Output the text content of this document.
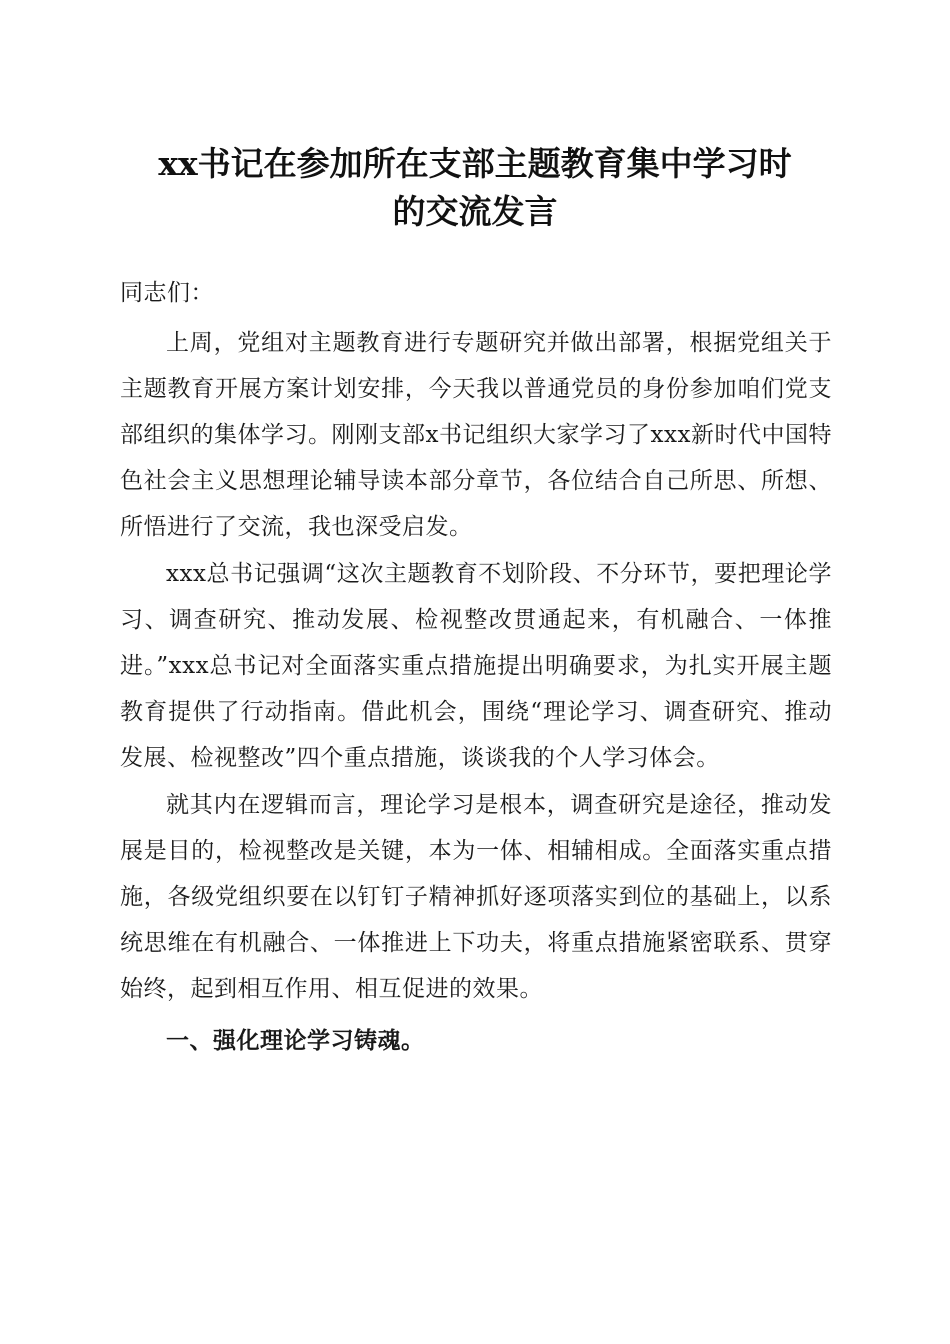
xx书记在参加所在支部主题教育集中学习时
的交流发言

同志们：

上周，党组对主题教育进行专题研究并做出部署，根据党组关于主题教育开展方案计划安排，今天我以普通党员的身份参加咱们党支部组织的集体学习。刚刚支部x书记组织大家学习了xxx新时代中国特色社会主义思想理论辅导读本部分章节，各位结合自己所思、所想、所悟进行了交流，我也深受启发。

xxx总书记强调“这次主题教育不划阶段、不分环节，要把理论学习、调查研究、推动发展、检视整改贯通起来，有机融合、一体推进。”xxx总书记对全面落实重点措施提出明确要求，为扎实开展主题教育提供了行动指南。借此机会，围绕“理论学习、调查研究、推动发展、检视整改”四个重点措施，谈谈我的个人学习体会。

就其内在逻辑而言，理论学习是根本，调查研究是途径，推动发展是目的，检视整改是关键，本为一体、相辅相成。全面落实重点措施，各级党组织要在以钉钉子精神抓好逐项落实到位的基础上，以系统思维在有机融合、一体推进上下功夫，将重点措施紧密联系、贯穿始终，起到相互作用、相互促进的效果。

一、强化理论学习铸魂。
